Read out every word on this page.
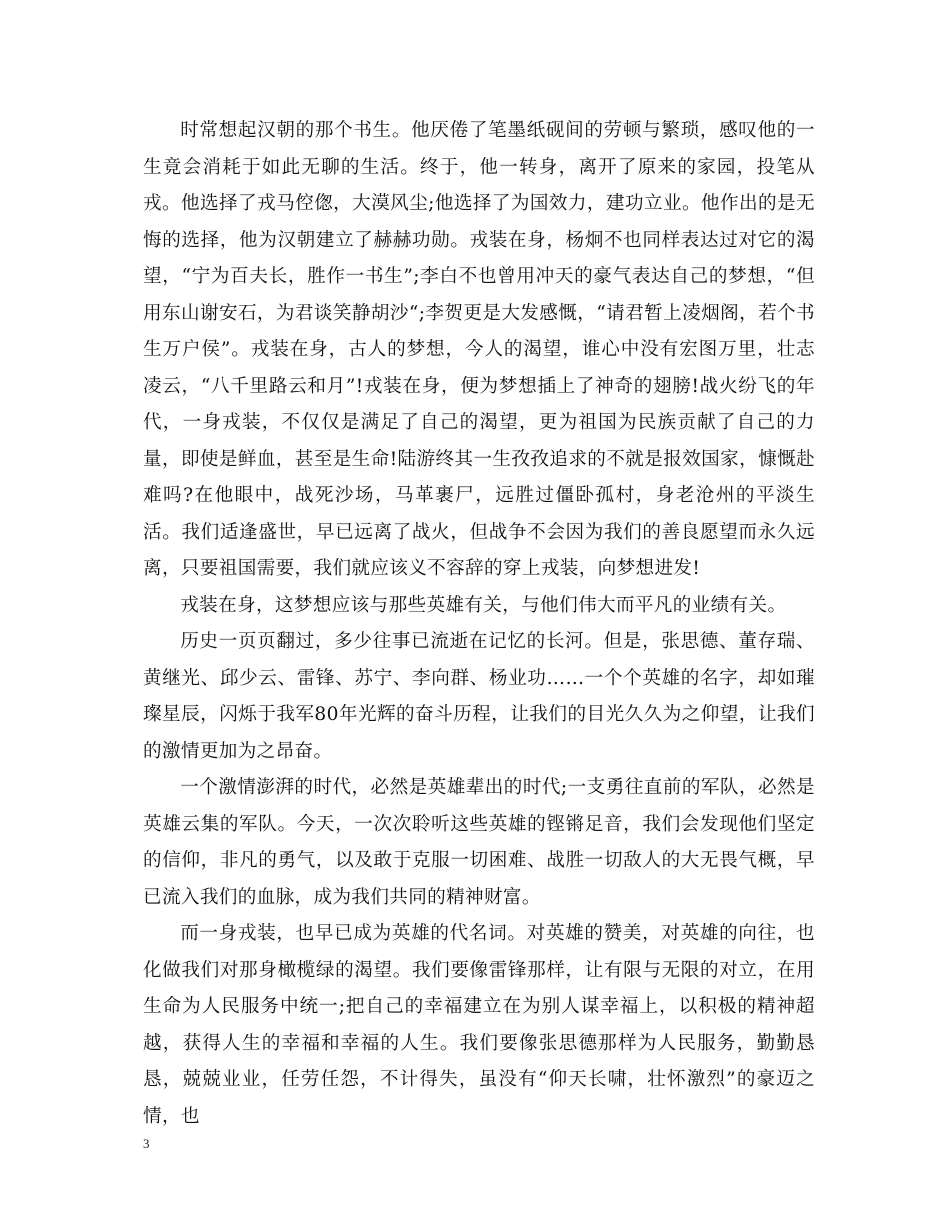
时常想起汉朝的那个书生。他厌倦了笔墨纸砚间的劳顿与繁琐，感叹他的一生竟会消耗于如此无聊的生活。终于，他一转身，离开了原来的家园，投笔从戎。他选择了戎马倥偬，大漠风尘;他选择了为国效力，建功立业。他作出的是无悔的选择，他为汉朝建立了赫赫功勋。戎装在身，杨炯不也同样表达过对它的渴望，“宁为百夫长，胜作一书生”;李白不也曾用冲天的豪气表达自己的梦想，“但用东山谢安石，为君谈笑静胡沙“;李贺更是大发感慨，“请君暂上凌烟阁，若个书生万户侯”。戎装在身，古人的梦想，今人的渴望，谁心中没有宏图万里，壮志凌云，“八千里路云和月”!戎装在身，便为梦想插上了神奇的翅膀!战火纷飞的年代，一身戎装，不仅仅是满足了自己的渴望，更为祖国为民族贡献了自己的力量，即使是鲜血，甚至是生命!陆游终其一生孜孜追求的不就是报效国家，慷慨赴难吗?在他眼中，战死沙场，马革裹尸，远胜过僵卧孤村，身老沧州的平淡生活。我们适逢盛世，早已远离了战火，但战争不会因为我们的善良愿望而永久远离，只要祖国需要，我们就应该义不容辞的穿上戎装，向梦想进发!

戎装在身，这梦想应该与那些英雄有关，与他们伟大而平凡的业绩有关。

历史一页页翻过，多少往事已流逝在记忆的长河。但是，张思德、董存瑞、黄继光、邱少云、雷锋、苏宁、李向群、杨业功……一个个英雄的名字，却如璀璨星辰，闪烁于我军80年光辉的奋斗历程，让我们的目光久久为之仰望，让我们的激情更加为之昂奋。

一个激情澎湃的时代，必然是英雄辈出的时代;一支勇往直前的军队，必然是英雄云集的军队。今天，一次次聆听这些英雄的铿锵足音，我们会发现他们坚定的信仰，非凡的勇气，以及敢于克服一切困难、战胜一切敌人的大无畏气概，早已流入我们的血脉，成为我们共同的精神财富。

而一身戎装，也早已成为英雄的代名词。对英雄的赞美，对英雄的向往，也化做我们对那身橄榄绿的渴望。我们要像雷锋那样，让有限与无限的对立，在用生命为人民服务中统一;把自己的幸福建立在为别人谋幸福上，以积极的精神超越，获得人生的幸福和幸福的人生。我们要像张思德那样为人民服务，勤勤恳恳，兢兢业业，任劳任怨，不计得失，虽没有“仰天长啸，壮怀激烈”的豪迈之情，也

3
